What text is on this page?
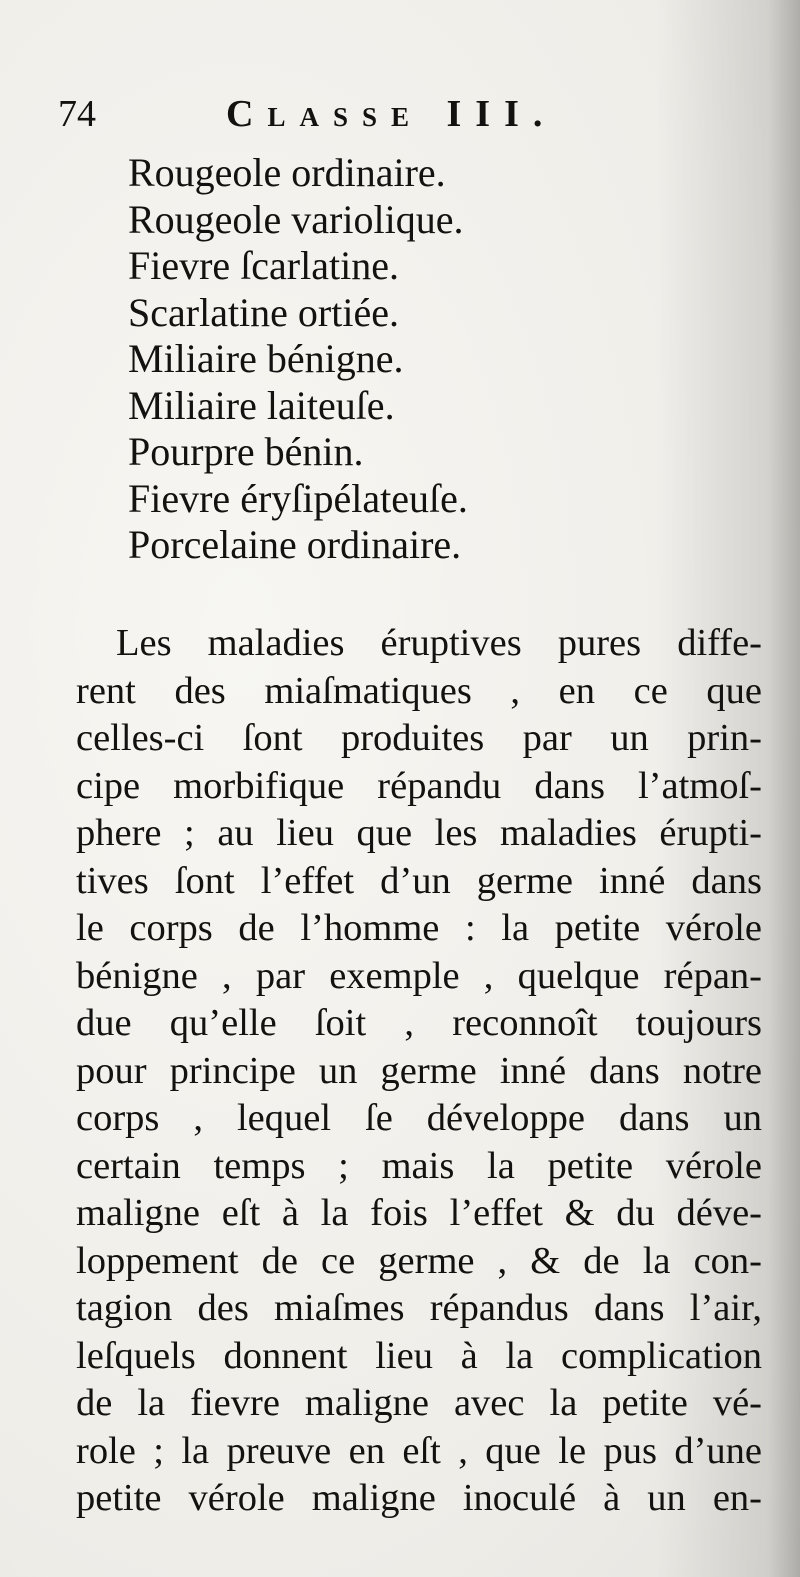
74	Classe III.
Rougeole ordinaire.
Rougeole variolique.
Fievre ſcarlatine.
Scarlatine ortiée.
Miliaire bénigne.
Miliaire laiteuſe.
Pourpre bénin.
Fievre éryſipélateuſe.
Porcelaine ordinaire.

Les maladies éruptives pures diffe-
rent des miaſmatiques , en ce que
celles-ci ſont produites par un prin-
cipe morbifique répandu dans l’atmoſ-
phere ; au lieu que les maladies érupti-
tives ſont l’effet d’un germe inné dans
le corps de l’homme : la petite vérole
bénigne , par exemple , quelque répan-
due qu’elle ſoit , reconnoît toujours
pour principe un germe inné dans notre
corps , lequel ſe développe dans un
certain temps ; mais la petite vérole
maligne eſt à la fois l’effet & du déve-
loppement de ce germe , & de la con-
tagion des miaſmes répandus dans l’air,
leſquels donnent lieu à la complication
de la fievre maligne avec la petite vé-
role ; la preuve en eſt , que le pus d’une
petite vérole maligne inoculé à un en-
